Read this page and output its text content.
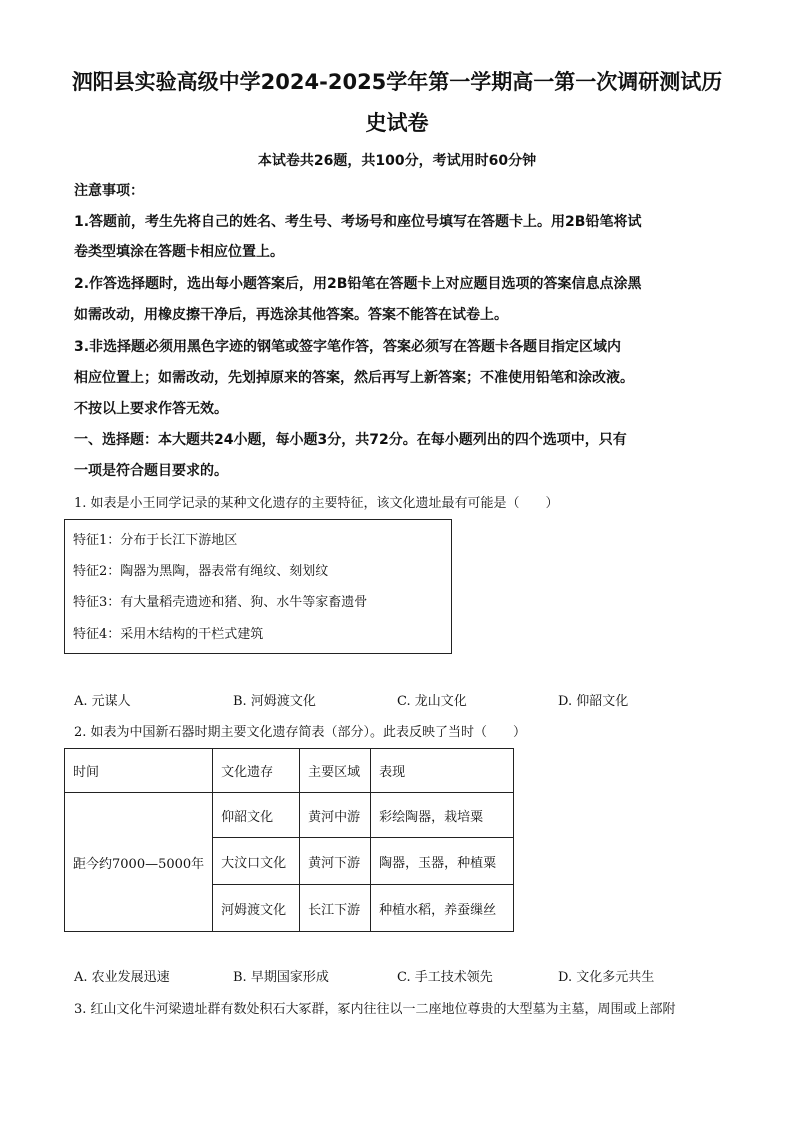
泗阳县实验高级中学2024-2025学年第一学期高一第一次调研测试历
史试卷
本试卷共26题，共100分，考试用时60分钟
注意事项：
1.答题前，考生先将自己的姓名、考生号、考场号和座位号填写在答题卡上。用2B铅笔将试
卷类型填涂在答题卡相应位置上。
2.作答选择题时，选出每小题答案后，用2B铅笔在答题卡上对应题目选项的答案信息点涂黑
如需改动，用橡皮擦干净后，再选涂其他答案。答案不能答在试卷上。
3.非选择题必须用黑色字迹的钢笔或签字笔作答，答案必须写在答题卡各题目指定区域内
相应位置上；如需改动，先划掉原来的答案，然后再写上新答案；不准使用铅笔和涂改液。
不按以上要求作答无效。
一、选择题：本大题共24小题，每小题3分，共72分。在每小题列出的四个选项中，只有
一项是符合题目要求的。
1. 如表是小王同学记录的某种文化遗存的主要特征，该文化遗址最有可能是（　　）
特征1：分布于长江下游地区
特征2：陶器为黑陶，器表常有绳纹、刻划纹
特征3：有大量稻壳遗迹和猪、狗、水牛等家畜遗骨
特征4：采用木结构的干栏式建筑
A. 元谋人	B. 河姆渡文化	C. 龙山文化	D. 仰韶文化
2. 如表为中国新石器时期主要文化遗存简表（部分）。此表反映了当时（　　）
时间	文化遗存	主要区域	表现
距今约7000—5000年	仰韶文化	黄河中游	彩绘陶器，栽培粟
	大汶口文化	黄河下游	陶器，玉器，种植粟
	河姆渡文化	长江下游	种植水稻，养蚕缫丝
A. 农业发展迅速	B. 早期国家形成	C. 手工技术领先	D. 文化多元共生
3. 红山文化牛河梁遗址群有数处积石大冢群，冢内往往以一二座地位尊贵的大型墓为主墓，周围或上部附
